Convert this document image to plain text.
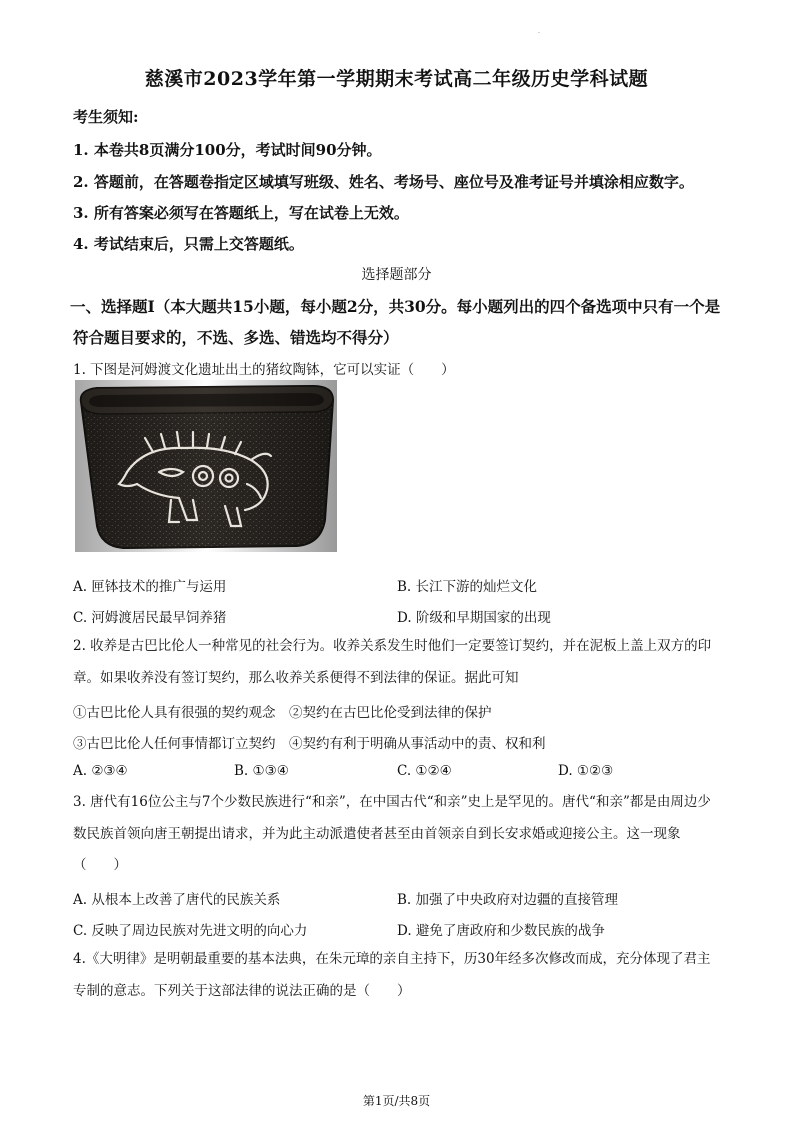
.
慈溪市2023学年第一学期期末考试高二年级历史学科试题
考生须知:
1. 本卷共8页满分100分，考试时间90分钟。
2. 答题前，在答题卷指定区域填写班级、姓名、考场号、座位号及准考证号并填涂相应数字。
3. 所有答案必须写在答题纸上，写在试卷上无效。
4. 考试结束后，只需上交答题纸。
选择题部分
一、选择题Ⅰ（本大题共15小题，每小题2分，共30分。每小题列出的四个备选项中只有一个是符合题目要求的，不选、多选、错选均不得分）
1. 下图是河姆渡文化遗址出土的猪纹陶钵，它可以实证（　　）
A. 匣钵技术的推广与运用	B. 长江下游的灿烂文化
C. 河姆渡居民最早饲养猪	D. 阶级和早期国家的出现
2. 收养是古巴比伦人一种常见的社会行为。收养关系发生时他们一定要签订契约，并在泥板上盖上双方的印章。如果收养没有签订契约，那么收养关系便得不到法律的保证。据此可知
①古巴比伦人具有很强的契约观念　②契约在古巴比伦受到法律的保护
③古巴比伦人任何事情都订立契约　④契约有利于明确从事活动中的责、权和利
A. ②③④	B. ①③④	C. ①②④	D. ①②③
3. 唐代有16位公主与7个少数民族进行“和亲”，在中国古代“和亲”史上是罕见的。唐代“和亲”都是由周边少数民族首领向唐王朝提出请求，并为此主动派遣使者甚至由首领亲自到长安求婚或迎接公主。这一现象（　　）
A. 从根本上改善了唐代的民族关系	B. 加强了中央政府对边疆的直接管理
C. 反映了周边民族对先进文明的向心力	D. 避免了唐政府和少数民族的战争
4.《大明律》是明朝最重要的基本法典，在朱元璋的亲自主持下，历30年经多次修改而成，充分体现了君主专制的意志。下列关于这部法律的说法正确的是（　　）
第1页/共8页
